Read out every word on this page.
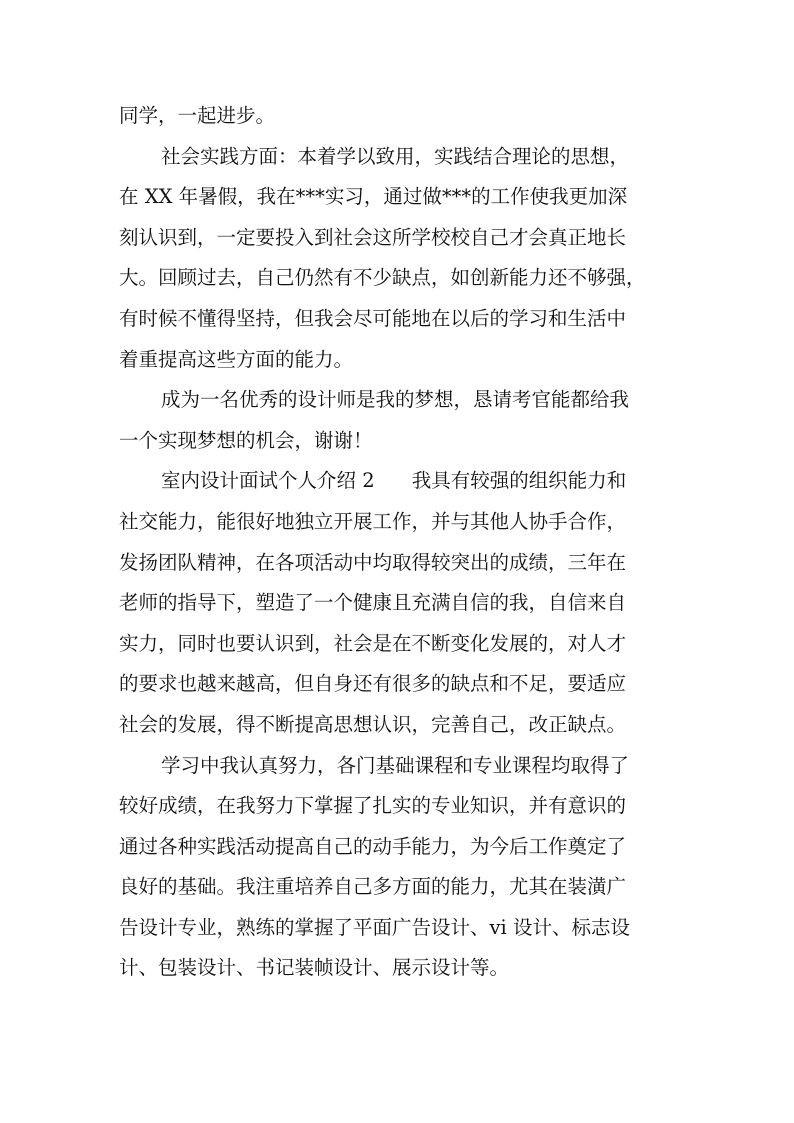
同学，一起进步。
社会实践方面：本着学以致用，实践结合理论的思想，
在 XX 年暑假，我在***实习，通过做***的工作使我更加深
刻认识到，一定要投入到社会这所学校校自己才会真正地长
大。回顾过去，自己仍然有不少缺点，如创新能力还不够强，
有时候不懂得坚持，但我会尽可能地在以后的学习和生活中
着重提高这些方面的能力。
成为一名优秀的设计师是我的梦想，恳请考官能都给我
一个实现梦想的机会，谢谢！
室内设计面试个人介绍 2      我具有较强的组织能力和
社交能力，能很好地独立开展工作，并与其他人协手合作，
发扬团队精神，在各项活动中均取得较突出的成绩，三年在
老师的指导下，塑造了一个健康且充满自信的我，自信来自
实力，同时也要认识到，社会是在不断变化发展的，对人才
的要求也越来越高，但自身还有很多的缺点和不足，要适应
社会的发展，得不断提高思想认识，完善自己，改正缺点。
学习中我认真努力，各门基础课程和专业课程均取得了
较好成绩，在我努力下掌握了扎实的专业知识，并有意识的
通过各种实践活动提高自己的动手能力，为今后工作奠定了
良好的基础。我注重培养自己多方面的能力，尤其在装潢广
告设计专业，熟练的掌握了平面广告设计、vi 设计、标志设
计、包装设计、书记装帧设计、展示设计等。
